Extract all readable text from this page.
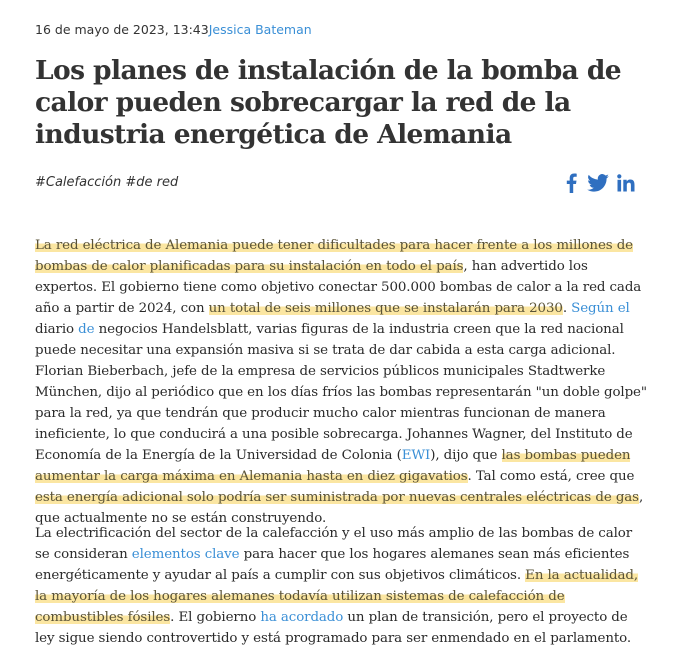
16 de mayo de 2023, 13:43Jessica Bateman
Los planes de instalación de la bomba de calor pueden sobrecargar la red de la industria energética de Alemania
#Calefacción #de red

La red eléctrica de Alemania puede tener dificultades para hacer frente a los millones de bombas de calor planificadas para su instalación en todo el país, han advertido los expertos. El gobierno tiene como objetivo conectar 500.000 bombas de calor a la red cada año a partir de 2024, con un total de seis millones que se instalarán para 2030. Según el diario de negocios Handelsblatt, varias figuras de la industria creen que la red nacional puede necesitar una expansión masiva si se trata de dar cabida a esta carga adicional. Florian Bieberbach, jefe de la empresa de servicios públicos municipales Stadtwerke München, dijo al periódico que en los días fríos las bombas representarán "un doble golpe" para la red, ya que tendrán que producir mucho calor mientras funcionan de manera ineficiente, lo que conducirá a una posible sobrecarga. Johannes Wagner, del Instituto de Economía de la Energía de la Universidad de Colonia (EWI), dijo que las bombas pueden aumentar la carga máxima en Alemania hasta en diez gigavatios. Tal como está, cree que esta energía adicional solo podría ser suministrada por nuevas centrales eléctricas de gas, que actualmente no se están construyendo.

La electrificación del sector de la calefacción y el uso más amplio de las bombas de calor se consideran elementos clave para hacer que los hogares alemanes sean más eficientes energéticamente y ayudar al país a cumplir con sus objetivos climáticos. En la actualidad, la mayoría de los hogares alemanes todavía utilizan sistemas de calefacción de combustibles fósiles. El gobierno ha acordado un plan de transición, pero el proyecto de ley sigue siendo controvertido y está programado para ser enmendado en el parlamento.
